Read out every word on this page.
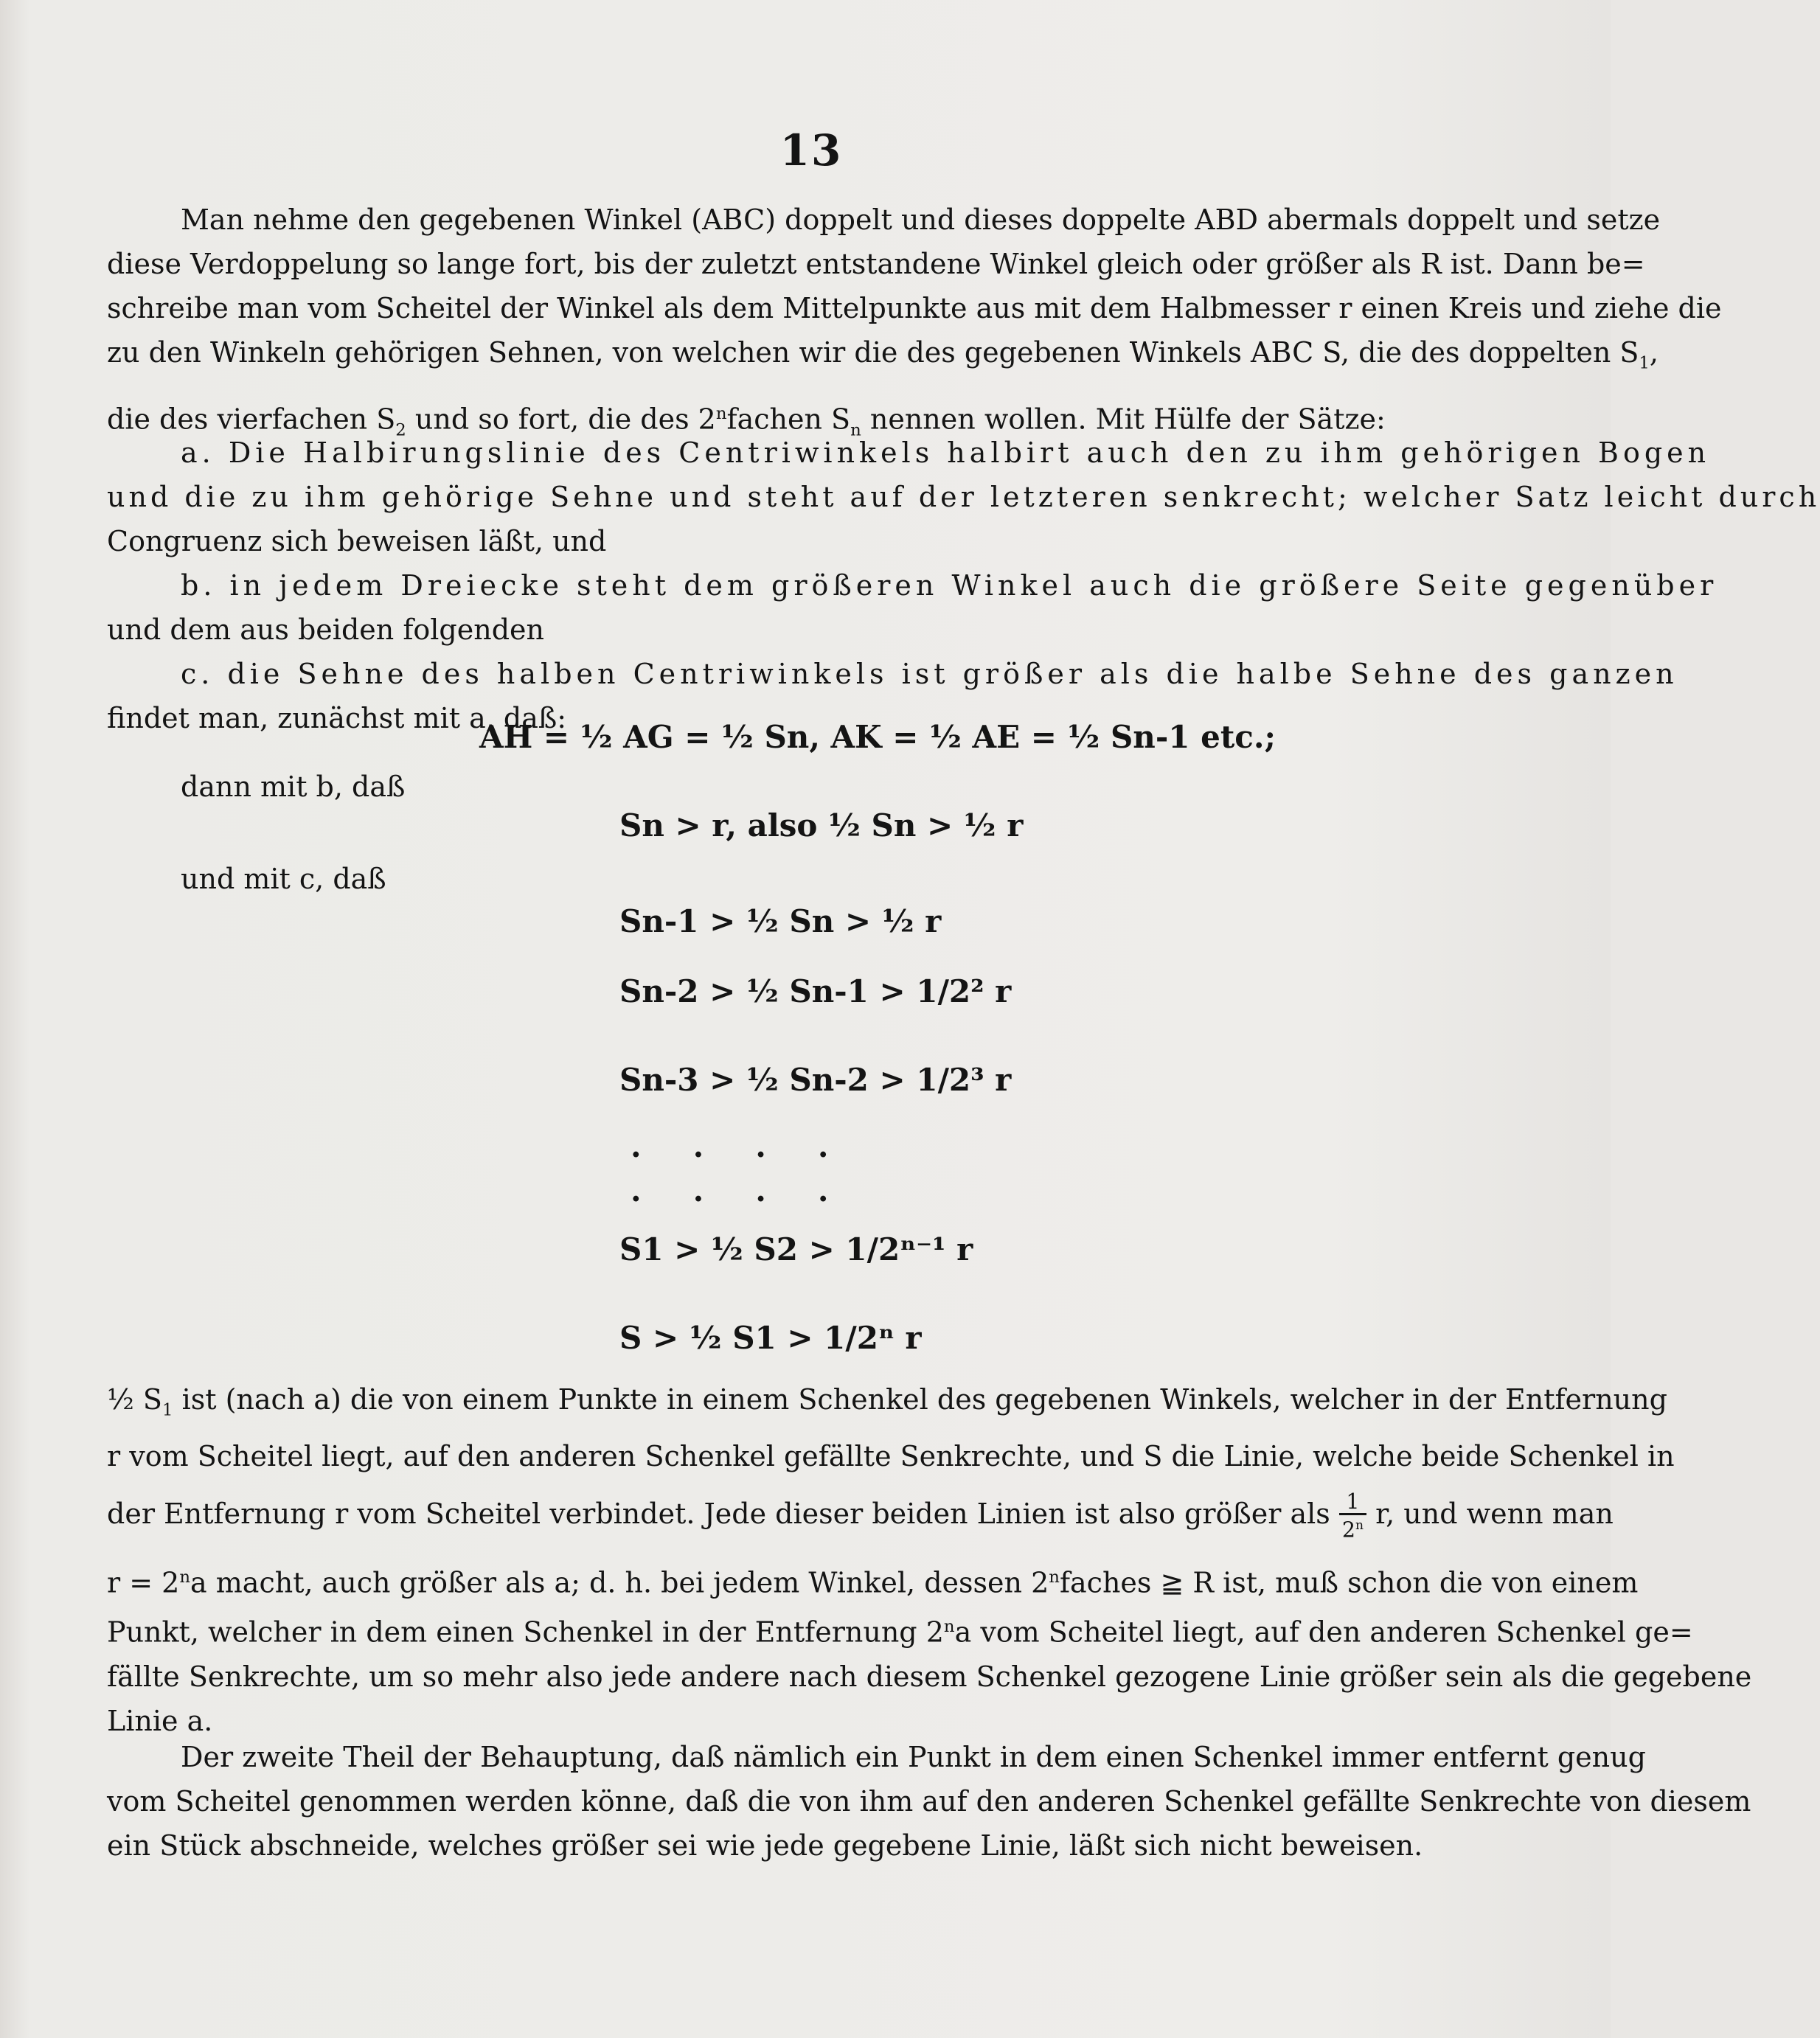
13
Man nehme den gegebenen Winkel (ABC) doppelt und dieses doppelte ABD abermals doppelt und setze
diese Verdoppelung so lange fort, bis der zuletzt entstandene Winkel gleich oder größer als R ist. Dann be=
schreibe man vom Scheitel der Winkel als dem Mittelpunkte aus mit dem Halbmesser r einen Kreis und ziehe die
zu den Winkeln gehörigen Sehnen, von welchen wir die des gegebenen Winkels ABC S, die des doppelten $S_1$,
die des vierfachen $S_2$ und so fort, die des 2$^n$fachen $S_n$ nennen wollen. Mit Hülfe der Sätze:
a. Die Halbirungslinie des Centriwinkels halbirt auch den zu ihm gehörigen Bogen
und die zu ihm gehörige Sehne und steht auf der letzteren senkrecht; welcher Satz leicht durch
Congruenz sich beweisen läßt, und
b. in jedem Dreiecke steht dem größeren Winkel auch die größere Seite gegenüber
und dem aus beiden folgenden
c. die Sehne des halben Centriwinkels ist größer als die halbe Sehne des ganzen
findet man, zunächst mit a, daß:
AH = ½ AG = ½ Sn, AK = ½ AE = ½ Sn-1 etc.;
dann mit b, daß
Sn > r, also ½ Sn > ½ r
und mit c, daß
Sn-1 > ½ Sn > ½ r
Sn-2 > ½ Sn-1 > 1/2² r
Sn-3 > ½ Sn-2 > 1/2³ r
....
....
S1 > ½ S2 > 1/2ⁿ⁻¹ r
S > ½ S1 > 1/2ⁿ r
½ $S_1$ ist (nach a) die von einem Punkte in einem Schenkel des gegebenen Winkels, welcher in der Entfernung
r vom Scheitel liegt, auf den anderen Schenkel gefällte Senkrechte, und S die Linie, welche beide Schenkel in
der Entfernung r vom Scheitel verbindet. Jede dieser beiden Linien ist also größer als $\frac{1}{2^n} r$, und wenn man
$r = 2^na$ macht, auch größer als a; d. h. bei jedem Winkel, dessen 2$^n$faches ≧ R ist, muß schon die von einem
Punkt, welcher in dem einen Schenkel in der Entfernung 2$^n$a vom Scheitel liegt, auf den anderen Schenkel ge=
fällte Senkrechte, um so mehr also jede andere nach diesem Schenkel gezogene Linie größer sein als die gegebene
Linie a.
Der zweite Theil der Behauptung, daß nämlich ein Punkt in dem einen Schenkel immer entfernt genug
vom Scheitel genommen werden könne, daß die von ihm auf den anderen Schenkel gefällte Senkrechte von diesem
ein Stück abschneide, welches größer sei wie jede gegebene Linie, läßt sich nicht beweisen.
